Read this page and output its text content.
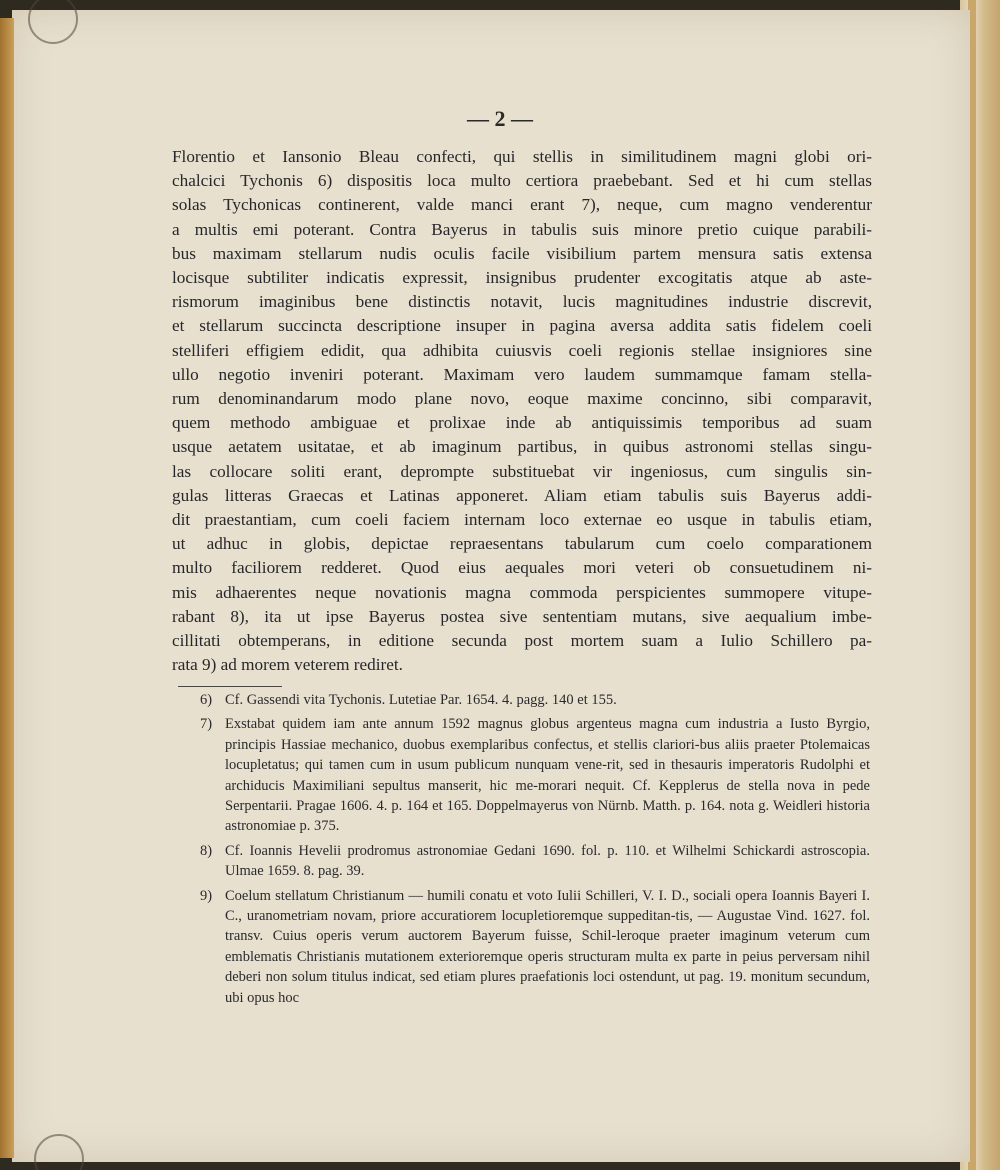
— 2 —
Florentio et Iansonio Bleau confecti, qui stellis in similitudinem magni globi ori-
chalcici Tychonis 6) dispositis loca multo certiora praebebant. Sed et hi cum stellas
solas Tychonicas continerent, valde manci erant 7), neque, cum magno venderentur
a multis emi poterant. Contra Bayerus in tabulis suis minore pretio cuique parabili-
bus maximam stellarum nudis oculis facile visibilium partem mensura satis extensa
locisque subtiliter indicatis expressit, insignibus prudenter excogitatis atque ab aste-
rismorum imaginibus bene distinctis notavit, lucis magnitudines industrie discrevit,
et stellarum succincta descriptione insuper in pagina aversa addita satis fidelem coeli
stelliferi effigiem edidit, qua adhibita cuiusvis coeli regionis stellae insigniores sine
ullo negotio inveniri poterant. Maximam vero laudem summamque famam stella-
rum denominandarum modo plane novo, eoque maxime concinno, sibi comparavit,
quem methodo ambiguae et prolixae inde ab antiquissimis temporibus ad suam
usque aetatem usitatae, et ab imaginum partibus, in quibus astronomi stellas singu-
las collocare soliti erant, deprompte substituebat vir ingeniosus, cum singulis sin-
gulas litteras Graecas et Latinas apponeret. Aliam etiam tabulis suis Bayerus addi-
dit praestantiam, cum coeli faciem internam loco externae eo usque in tabulis etiam,
ut adhuc in globis, depictae repraesentans tabularum cum coelo comparationem
multo faciliorem redderet. Quod eius aequales mori veteri ob consuetudinem ni-
mis adhaerentes neque novationis magna commoda perspicientes summopere vitupe-
rabant 8), ita ut ipse Bayerus postea sive sententiam mutans, sive aequalium imbe-
cillitati obtemperans, in editione secunda post mortem suam a Iulio Schillero pa-
rata 9) ad morem veterem rediret.
6) Cf. Gassendi vita Tychonis. Lutetiae Par. 1654. 4. pagg. 140 et 155.
7) Exstabat quidem iam ante annum 1592 magnus globus argenteus magna cum industria a Iusto Byrgio, principis Hassiae mechanico, duobus exemplaribus confectus, et stellis clariori-bus aliis praeter Ptolemaicas locupletatus; qui tamen cum in usum publicum nunquam vene-rit, sed in thesauris imperatoris Rudolphi et archiducis Maximiliani sepultus manserit, hic me-morari nequit. Cf. Kepplerus de stella nova in pede Serpentarii. Pragae 1606. 4. p. 164 et 165. Doppelmayerus von Nürnb. Matth. p. 164. nota g. Weidleri historia astronomiae p. 375.
8) Cf. Ioannis Hevelii prodromus astronomiae Gedani 1690. fol. p. 110. et Wilhelmi Schickardi astroscopia. Ulmae 1659. 8. pag. 39.
9) Coelum stellatum Christianum — humili conatu et voto Iulii Schilleri, V. I. D., sociali opera Ioannis Bayeri I. C., uranometriam novam, priore accuratiorem locupletioremque suppeditan-tis, — Augustae Vind. 1627. fol. transv. Cuius operis verum auctorem Bayerum fuisse, Schil-leroque praeter imaginum veterum cum emblematis Christianis mutationem exterioremque operis structuram multa ex parte in peius perversam nihil deberi non solum titulus indicat, sed etiam plures praefationis loci ostendunt, ut pag. 19. monitum secundum, ubi opus hoc
